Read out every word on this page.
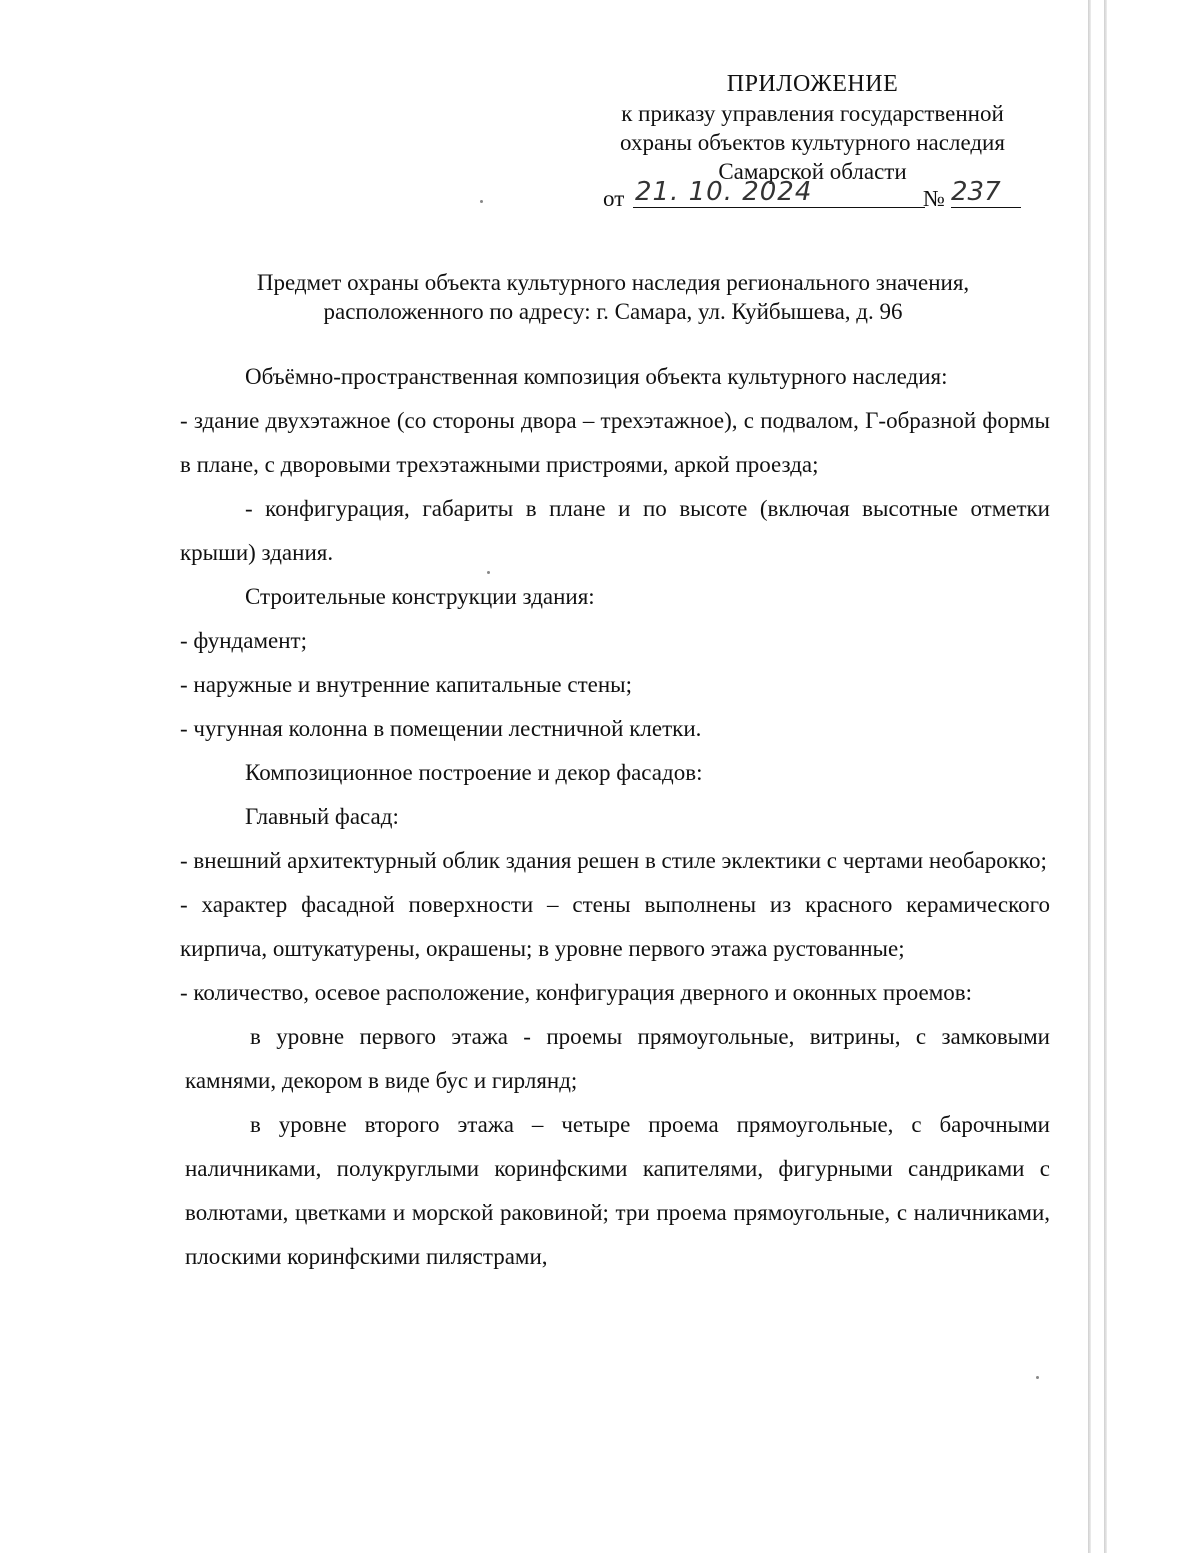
ПРИЛОЖЕНИЕ
к приказу управления государственной
охраны объектов культурного наследия
Самарской области
от 21. 10. 2024	№ 237
Предмет охраны объекта культурного наследия регионального значения,
расположенного по адресу: г. Самара, ул. Куйбышева, д. 96

Объёмно-пространственная композиция объекта культурного наследия:

- здание двухэтажное (со стороны двора – трехэтажное), с подвалом, Г-образной формы в плане, с дворовыми трехэтажными пристроями, аркой проезда;

- конфигурация, габариты в плане и по высоте (включая высотные отметки крыши) здания.

Строительные конструкции здания:

- фундамент;

- наружные и внутренние капитальные стены;

- чугунная колонна в помещении лестничной клетки.

Композиционное построение и декор фасадов:

Главный фасад:

- внешний архитектурный облик здания решен в стиле эклектики с чертами необарокко;

- характер фасадной поверхности – стены выполнены из красного керамического кирпича, оштукатурены, окрашены; в уровне первого этажа рустованные;

- количество, осевое расположение, конфигурация дверного и оконных проемов:

в уровне первого этажа - проемы прямоугольные, витрины, с замковыми камнями, декором в виде бус и гирлянд;

в уровне второго этажа – четыре проема прямоугольные, с барочными наличниками, полукруглыми коринфскими капителями, фигурными сандриками с волютами, цветками и морской раковиной; три проема прямоугольные, с наличниками, плоскими коринфскими пилястрами,
